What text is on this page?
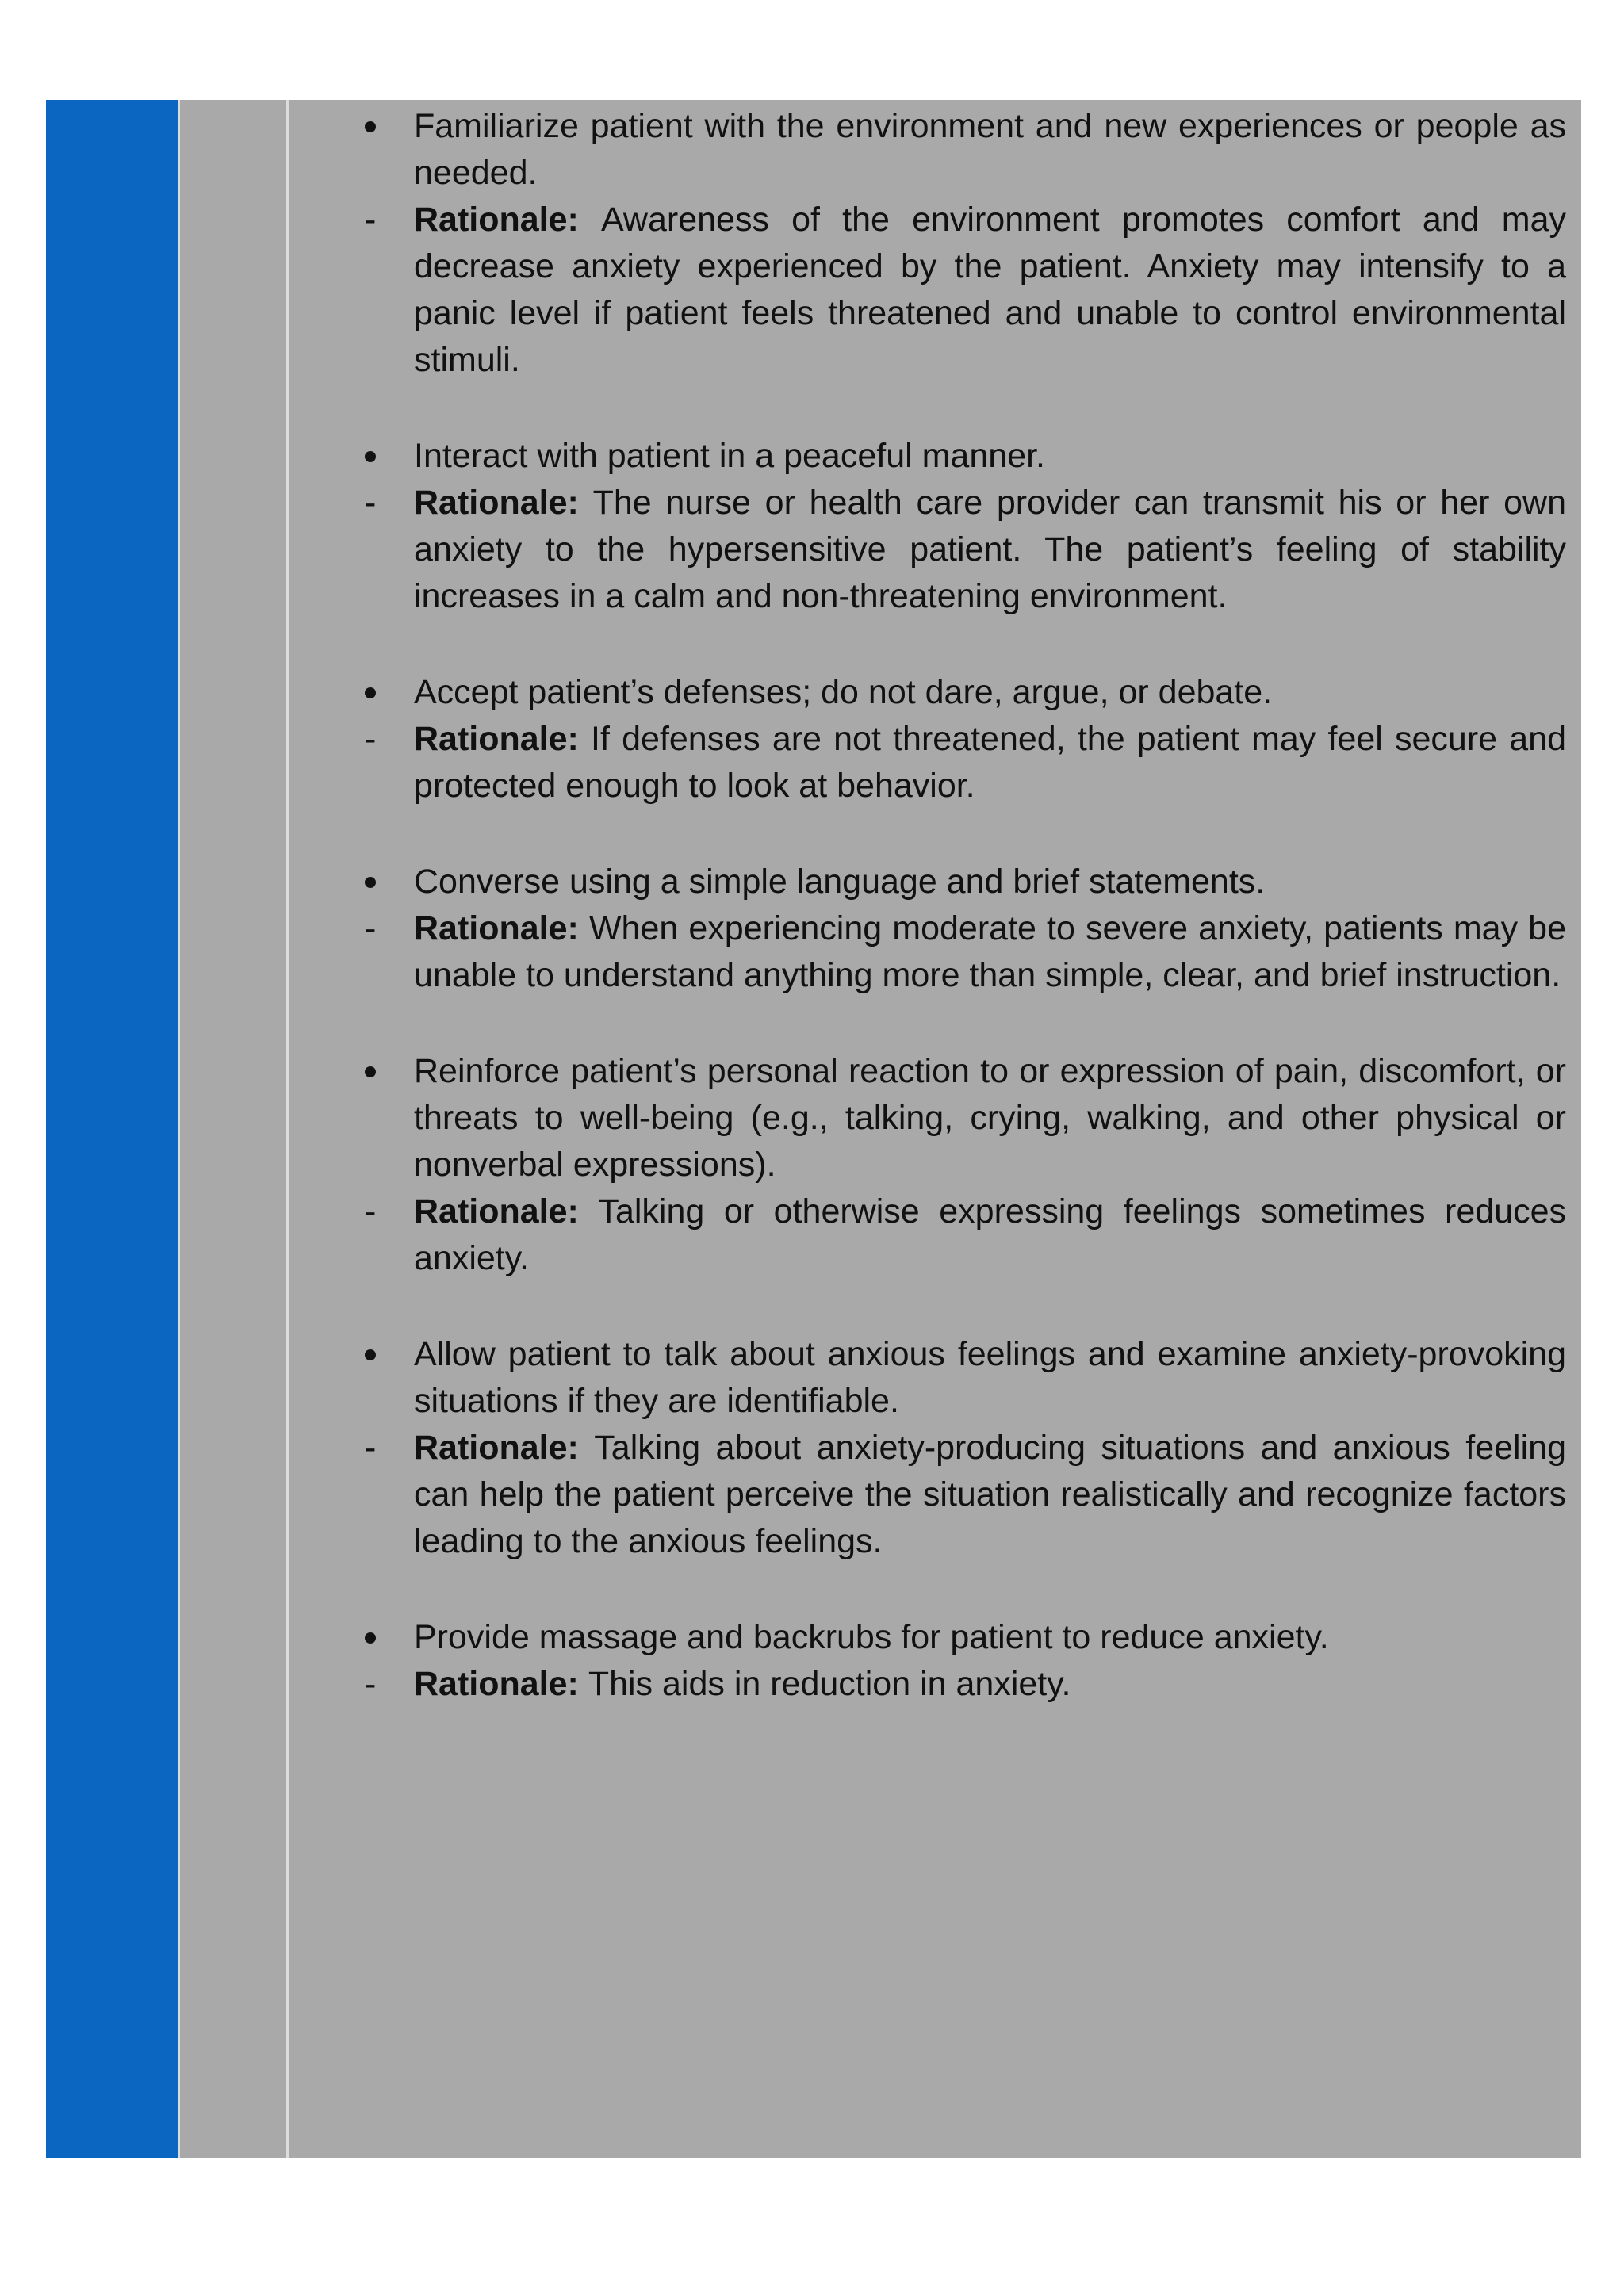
Familiarize patient with the environment and new experiences or people as needed.
-	Rationale: Awareness of the environment promotes comfort and may decrease anxiety experienced by the patient. Anxiety may intensify to a panic level if patient feels threatened and unable to control environmental stimuli.
Interact with patient in a peaceful manner.
-	Rationale: The nurse or health care provider can transmit his or her own anxiety to the hypersensitive patient. The patient’s feeling of stability increases in a calm and non-threatening environment.
Accept patient’s defenses; do not dare, argue, or debate.
-	Rationale: If defenses are not threatened, the patient may feel secure and protected enough to look at behavior.
Converse using a simple language and brief statements.
-	Rationale: When experiencing moderate to severe anxiety, patients may be unable to understand anything more than simple, clear, and brief instruction.
Reinforce patient’s personal reaction to or expression of pain, discomfort, or threats to well-being (e.g., talking, crying, walking, and other physical or nonverbal expressions).
-	Rationale: Talking or otherwise expressing feelings sometimes reduces anxiety.
Allow patient to talk about anxious feelings and examine anxiety-provoking situations if they are identifiable.
-	Rationale: Talking about anxiety-producing situations and anxious feeling can help the patient perceive the situation realistically and recognize factors leading to the anxious feelings.
Provide massage and backrubs for patient to reduce anxiety.
-	Rationale: This aids in reduction in anxiety.
